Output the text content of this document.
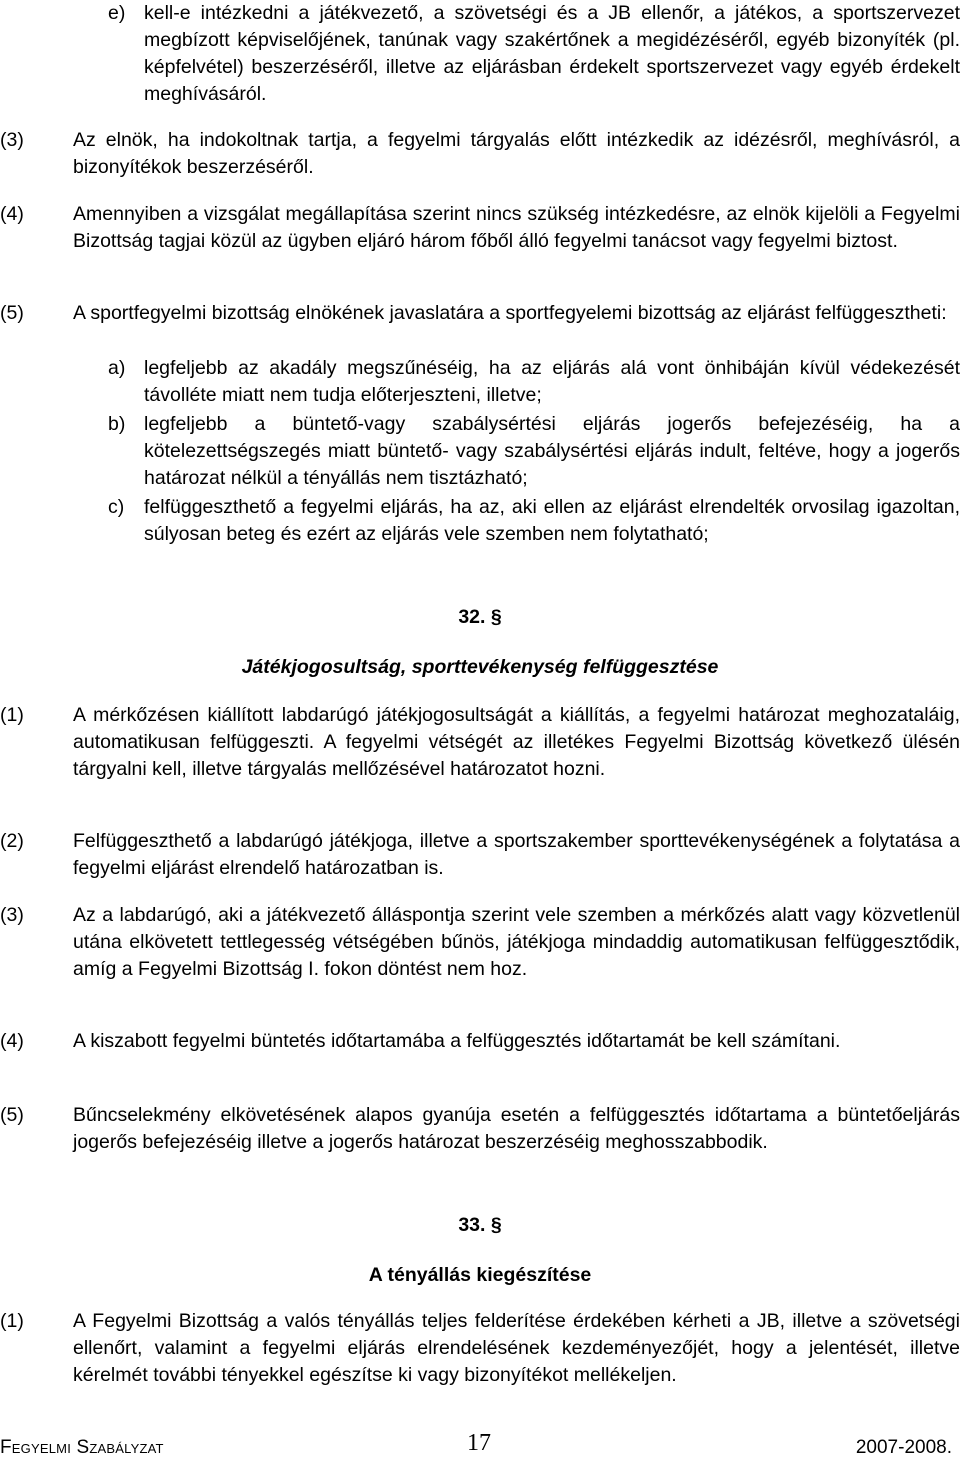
e) kell-e intézkedni a játékvezető, a szövetségi és a JB ellenőr, a játékos, a sportszervezet megbízott képviselőjének, tanúnak vagy szakértőnek a megidézéséről, egyéb bizonyíték (pl. képfelvétel) beszerzéséről, illetve az eljárásban érdekelt sportszervezet vagy egyéb érdekelt meghívásáról.
(3)	Az elnök, ha indokoltnak tartja, a fegyelmi tárgyalás előtt intézkedik az idézésről, meghívásról, a bizonyítékok beszerzéséről.
(4)	Amennyiben a vizsgálat megállapítása szerint nincs szükség intézkedésre, az elnök kijelöli a Fegyelmi Bizottság tagjai közül az ügyben eljáró három főből álló fegyelmi tanácsot vagy fegyelmi biztost.
(5)	A sportfegyelmi bizottság elnökének javaslatára a sportfegyelemi bizottság az eljárást felfüggesztheti:
a) legfeljebb az akadály megszűnéséig, ha az eljárás alá vont önhibáján kívül védekezését távolléte miatt nem tudja előterjeszteni, illetve;
b) legfeljebb a büntető-vagy szabálysértési eljárás jogerős befejezéséig, ha a kötelezettségszegés miatt büntető- vagy szabálysértési eljárás indult, feltéve, hogy a jogerős határozat nélkül a tényállás nem tisztázható;
c) felfüggeszthető a fegyelmi eljárás, ha az, aki ellen az eljárást elrendelték orvosilag igazoltan, súlyosan beteg és ezért az eljárás vele szemben nem folytatható;
32. §
Játékjogosultság, sporttevékenység felfüggesztése
(1)	A mérkőzésen kiállított labdarúgó játékjogosultságát a kiállítás, a fegyelmi határozat meghozataláig, automatikusan felfüggeszti. A fegyelmi vétségét az illetékes Fegyelmi Bizottság következő ülésén tárgyalni kell, illetve tárgyalás mellőzésével határozatot hozni.
(2)	Felfüggeszthető a labdarúgó játékjoga, illetve a sportszakember sporttevékenységének a folytatása a fegyelmi eljárást elrendelő határozatban is.
(3)	Az a labdarúgó, aki a játékvezető álláspontja szerint vele szemben a mérkőzés alatt vagy közvetlenül utána elkövetett tettlegesség vétségében bűnös, játékjoga mindaddig automatikusan felfüggesztődik, amíg a Fegyelmi Bizottság I. fokon döntést nem hoz.
(4)	A kiszabott fegyelmi büntetés időtartamába a felfüggesztés időtartamát be kell számítani.
(5)	Bűncselekmény elkövetésének alapos gyanúja esetén a felfüggesztés időtartama a büntetőeljárás jogerős befejezéséig illetve a jogerős határozat beszerzéséig meghosszabbodik.
33. §
A tényállás kiegészítése
(1)	A Fegyelmi Bizottság a valós tényállás teljes felderítése érdekében kérheti a JB, illetve a szövetségi ellenőrt, valamint a fegyelmi eljárás elrendelésének kezdeményezőjét, hogy a jelentését, illetve kérelmét további tényekkel egészítse ki vagy bizonyítékot mellékeljen.
Fegyelmi Szabályzat	17	2007-2008.
